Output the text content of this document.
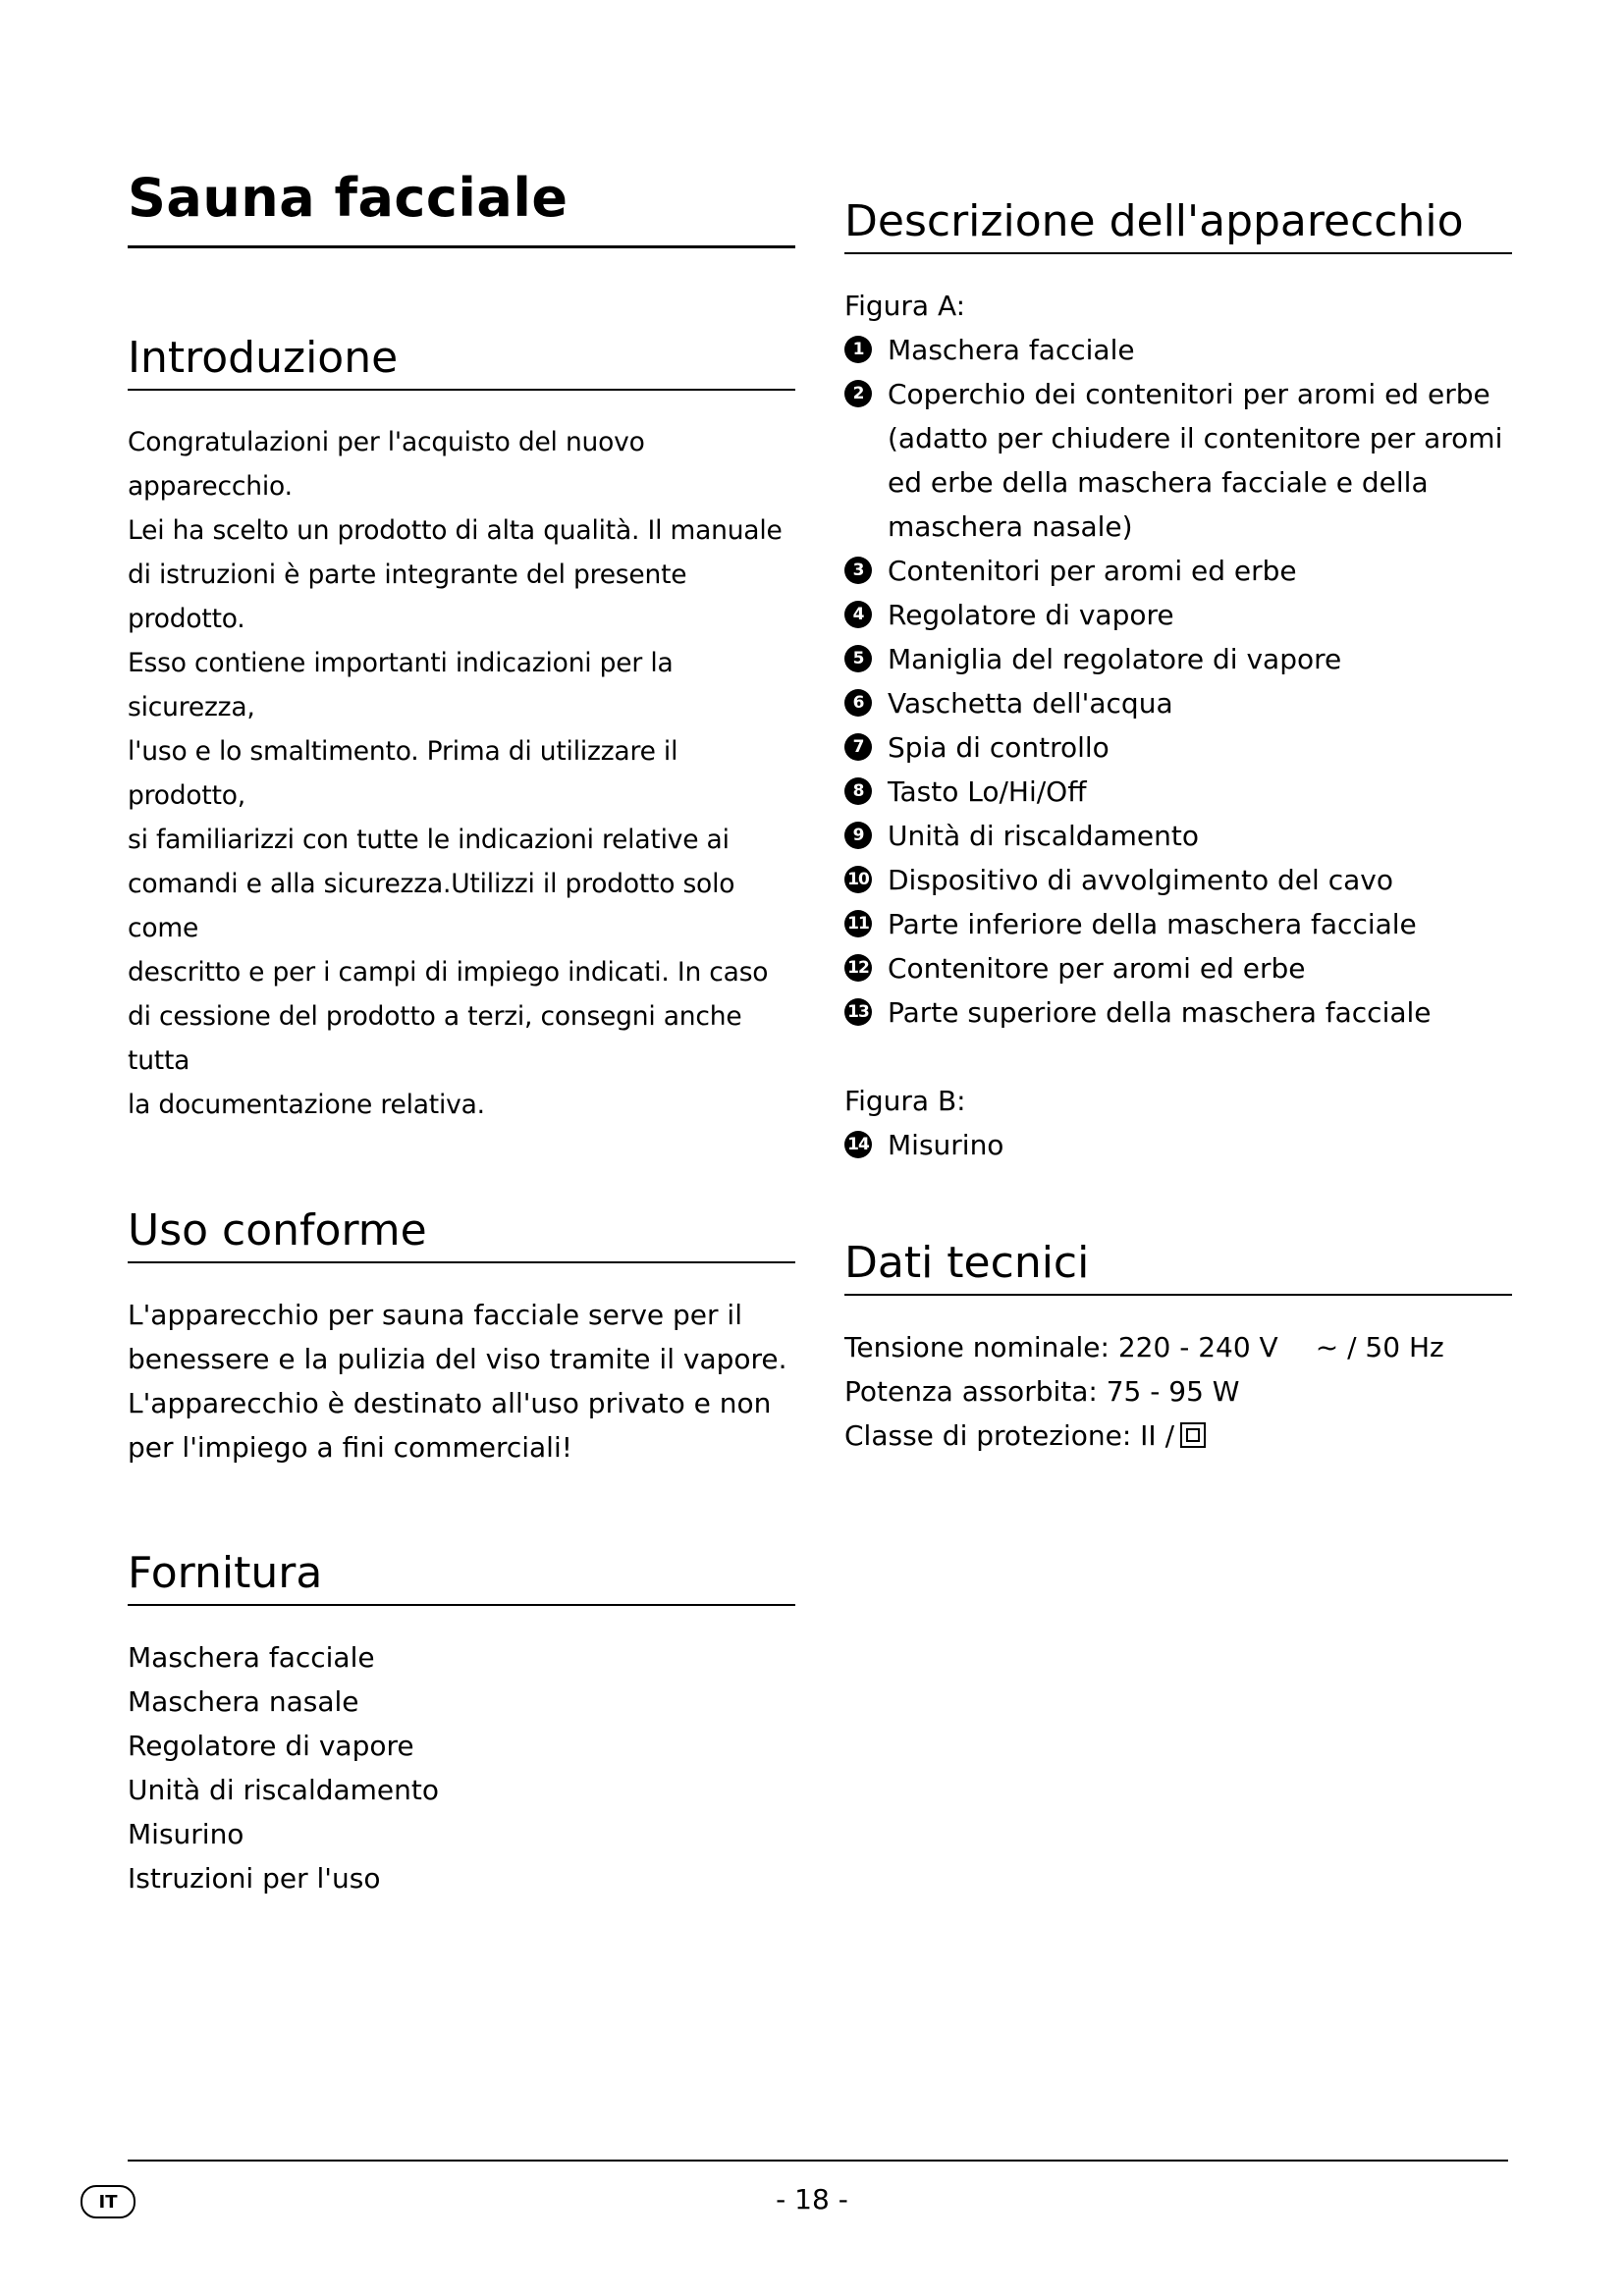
Sauna facciale
Introduzione

Congratulazioni per l'acquisto del nuovo apparecchio.

Lei ha scelto un prodotto di alta qualità. Il manuale

di istruzioni è parte integrante del presente prodotto.

Esso contiene importanti indicazioni per la sicurezza,

l'uso e lo smaltimento. Prima di utilizzare il prodotto,

si familiarizzi con tutte le indicazioni relative ai

comandi e alla sicurezza.Utilizzi il prodotto solo come

descritto e per i campi di impiego indicati. In caso

di cessione del prodotto a terzi, consegni anche tutta

la documentazione relativa.

Uso conforme

L'apparecchio per sauna facciale serve per il

benessere e la pulizia del viso tramite il vapore.

L'apparecchio è destinato all'uso privato e non

per l'impiego a fini commerciali!

Fornitura

Maschera facciale

Maschera nasale

Regolatore di vapore

Unità di riscaldamento

Misurino

Istruzioni per l'uso

Descrizione dell'apparecchio

Figura A:

1 Maschera facciale
2 Coperchio dei contenitori per aromi ed erbe (adatto per chiudere il contenitore per aromi ed erbe della maschera facciale e della maschera nasale)
3 Contenitori per aromi ed erbe
4 Regolatore di vapore
5 Maniglia del regolatore di vapore
6 Vaschetta dell'acqua
7 Spia di controllo
8 Tasto Lo/Hi/Off
9 Unità di riscaldamento
10 Dispositivo di avvolgimento del cavo
11 Parte inferiore della maschera facciale
12 Contenitore per aromi ed erbe
13 Parte superiore della maschera facciale

Figura B:

14 Misurino
Dati tecnici

Tensione nominale: 220 - 240 V ~ / 50 Hz

Potenza assorbita: 75 - 95 W

Classe di protezione: II /

IT	- 18 -
